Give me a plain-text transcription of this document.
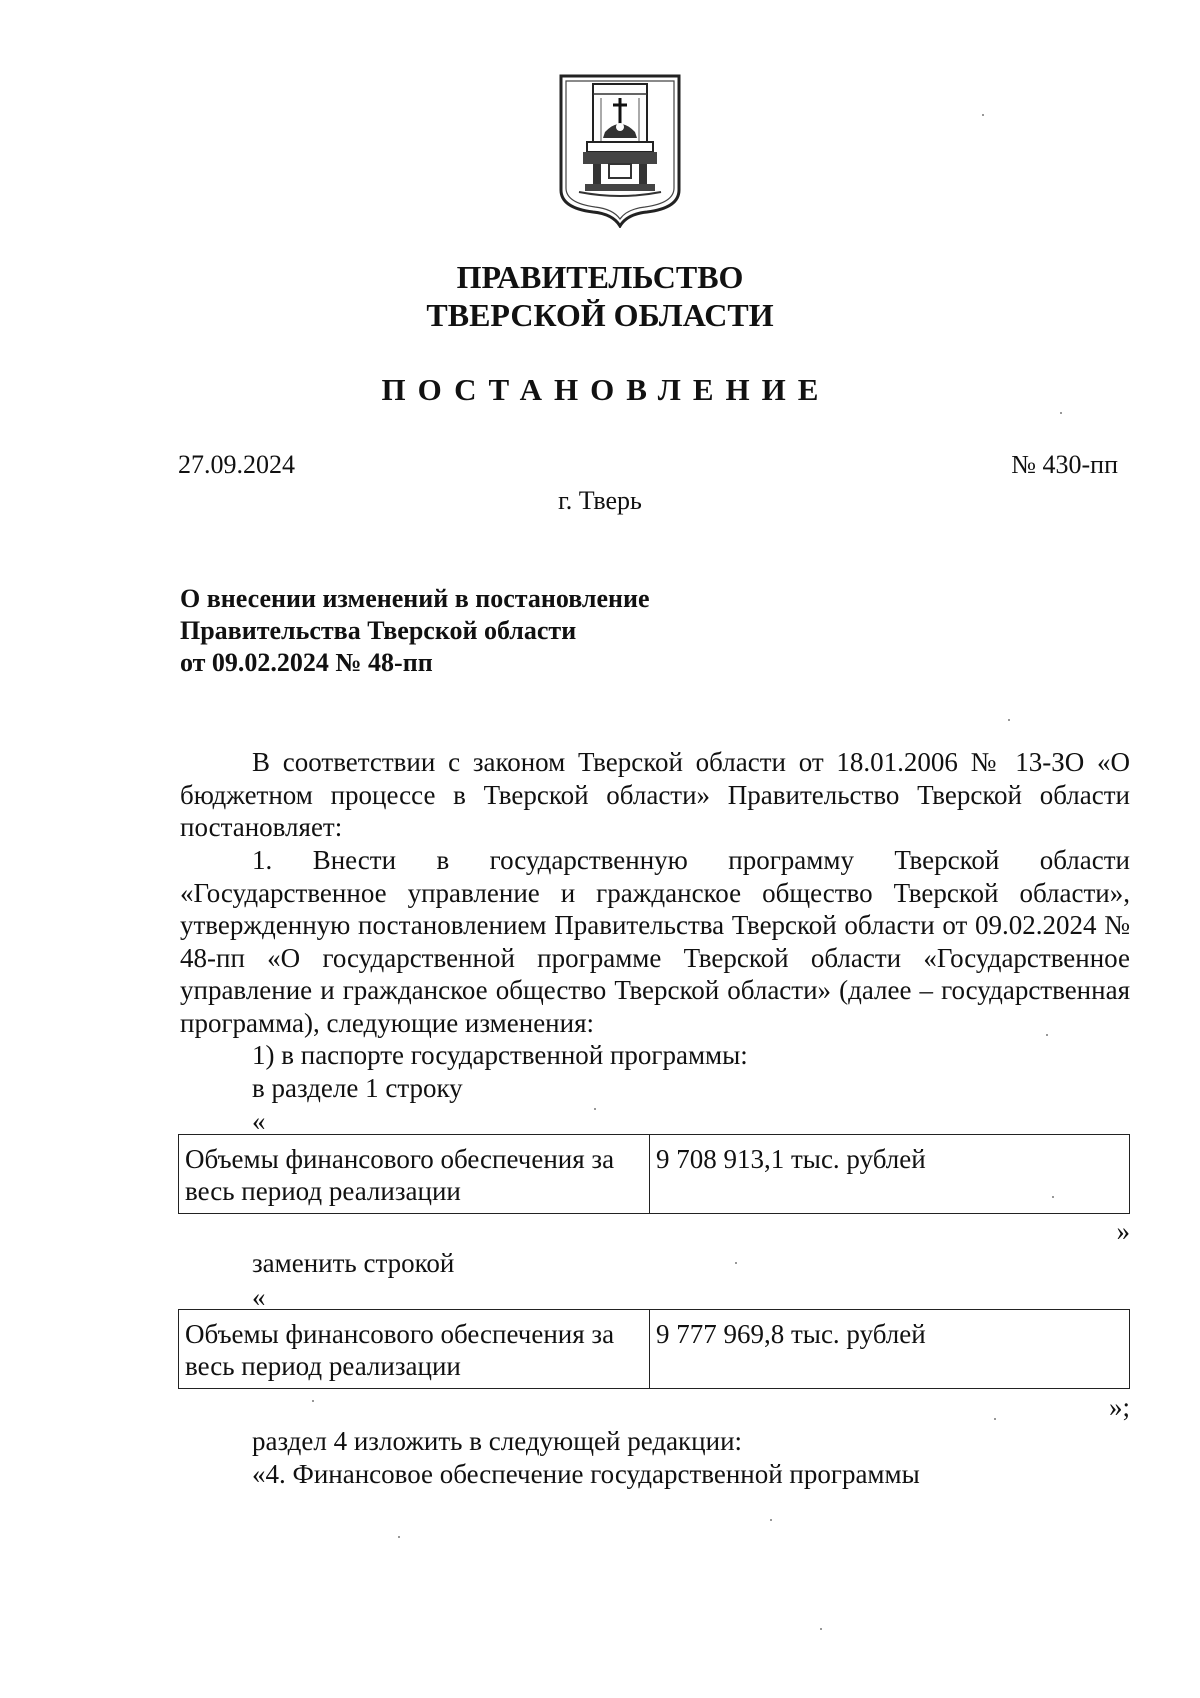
ПРАВИТЕЛЬСТВО
ТВЕРСКОЙ ОБЛАСТИ
ПОСТАНОВЛЕНИЕ
27.09.2024	№ 430-пп
г. Тверь
О внесении изменений в постановление
Правительства Тверской области
от 09.02.2024 № 48-пп
В соответствии с законом Тверской области от 18.01.2006 № 13-ЗО «О бюджетном процессе в Тверской области» Правительство Тверской области постановляет:
1. Внести в государственную программу Тверской области «Государственное управление и гражданское общество Тверской области», утвержденную постановлением Правительства Тверской области от 09.02.2024 № 48-пп «О государственной программе Тверской области «Государственное управление и гражданское общество Тверской области» (далее – государственная программа), следующие изменения:
1) в паспорте государственной программы:
в разделе 1 строку
«
Объемы финансового обеспечения за весь период реализации	9 708 913,1 тыс. рублей
»
заменить строкой
«
Объемы финансового обеспечения за весь период реализации	9 777 969,8 тыс. рублей
»;
раздел 4 изложить в следующей редакции:
«4. Финансовое обеспечение государственной программы
